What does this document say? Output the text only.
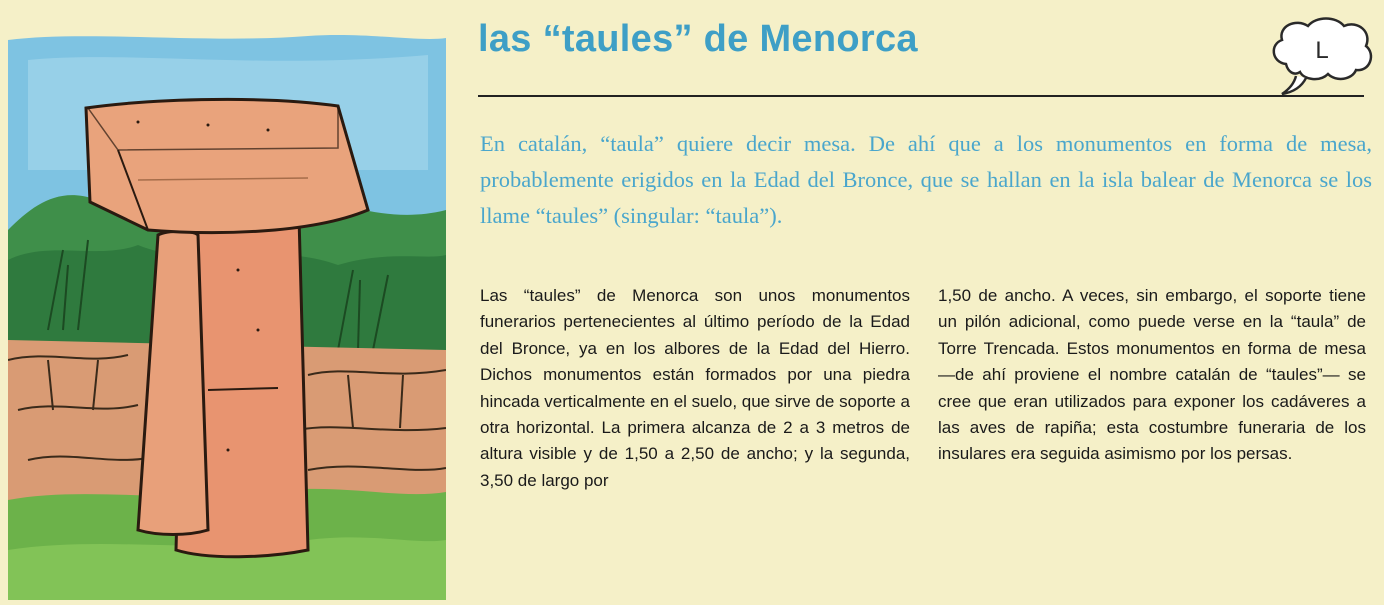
las “taules” de Menorca	L

En catalán, “taula” quiere decir mesa. De ahí que a los monumentos en forma de mesa, probablemente erigidos en la Edad del Bronce, que se hallan en la isla balear de Menorca se los llame “taules” (singular: “taula”).

Las “taules” de Menorca son unos monumentos funerarios pertenecientes al último período de la Edad del Bronce, ya en los albores de la Edad del Hierro. Dichos monumentos están formados por una piedra hincada verticalmente en el suelo, que sirve de soporte a otra horizontal. La primera alcanza de 2 a 3 metros de altura visible y de 1,50 a 2,50 de ancho; y la segunda, 3,50 de largo por

1,50 de ancho. A veces, sin embargo, el soporte tiene un pilón adicional, como puede verse en la “taula” de Torre Trencada. Estos monumentos en forma de mesa —de ahí proviene el nombre catalán de “taules”— se cree que eran utilizados para exponer los cadáveres a las aves de rapiña; esta costumbre funeraria de los insulares era seguida asimismo por los persas.
